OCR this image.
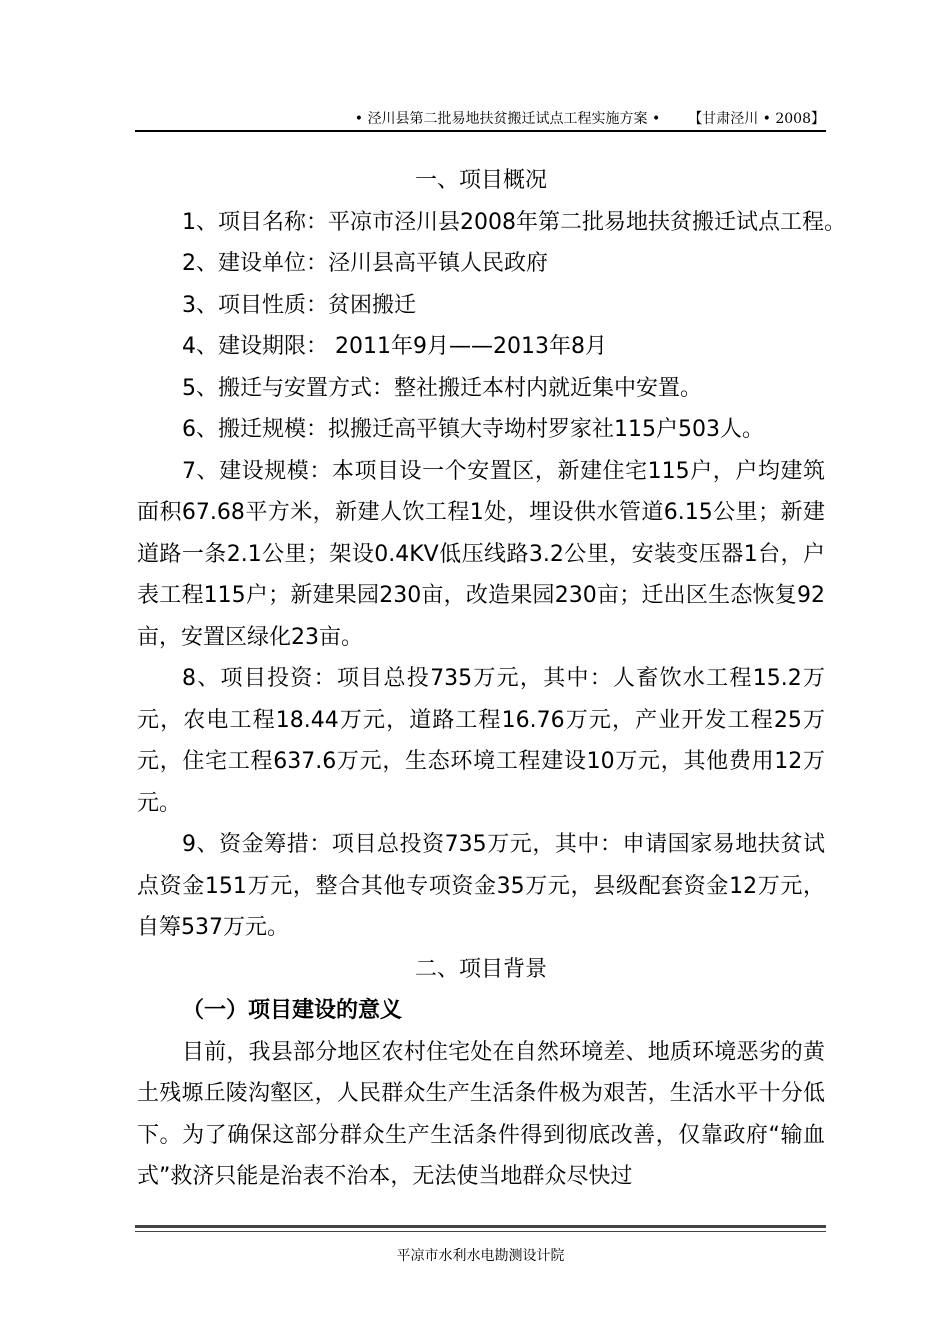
• 泾川县第二批易地扶贫搬迁试点工程实施方案 • 【甘肃泾川 • 2008】

一、项目概况

1、项目名称：平凉市泾川县2008年第二批易地扶贫搬迁试点工程。

2、建设单位：泾川县高平镇人民政府

3、项目性质：贫困搬迁

4、建设期限： 2011年9月——2013年8月

5、搬迁与安置方式：整社搬迁本村内就近集中安置。

6、搬迁规模：拟搬迁高平镇大寺坳村罗家社115户503人。

7、建设规模：本项目设一个安置区，新建住宅115户，户均建筑面积67.68平方米，新建人饮工程1处，埋设供水管道6.15公里；新建道路一条2.1公里；架设0.4KV低压线路3.2公里，安装变压器1台，户表工程115户；新建果园230亩，改造果园230亩；迁出区生态恢复92亩，安置区绿化23亩。

8、项目投资：项目总投735万元，其中：人畜饮水工程15.2万元，农电工程18.44万元，道路工程16.76万元，产业开发工程25万元，住宅工程637.6万元，生态环境工程建设10万元，其他费用12万元。

9、资金筹措：项目总投资735万元，其中：申请国家易地扶贫试点资金151万元，整合其他专项资金35万元，县级配套资金12万元，自筹537万元。

二、项目背景

（一）项目建设的意义

目前，我县部分地区农村住宅处在自然环境差、地质环境恶劣的黄土残塬丘陵沟壑区，人民群众生产生活条件极为艰苦，生活水平十分低下。为了确保这部分群众生产生活条件得到彻底改善，仅靠政府“输血式”救济只能是治表不治本，无法使当地群众尽快过

平凉市水利水电勘测设计院
